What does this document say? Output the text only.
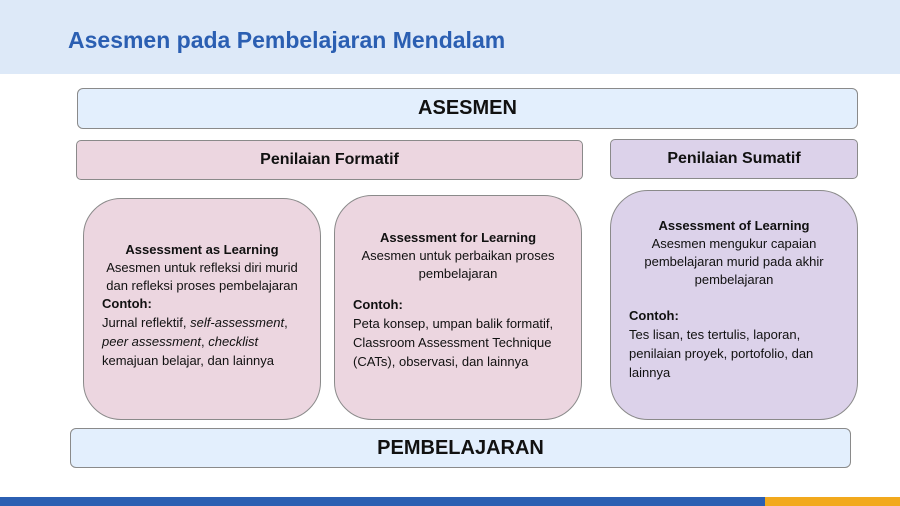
Asesmen pada Pembelajaran Mendalam
ASESMEN
Penilaian Formatif	Penilaian Sumatif
Assessment as Learning
Asesmen untuk refleksi diri murid dan refleksi proses pembelajaran
Contoh:
Jurnal reflektif, self-assessment, peer assessment, checklist kemajuan belajar, dan lainnya
Assessment for Learning
Asesmen untuk perbaikan proses pembelajaran
Contoh:
Peta konsep, umpan balik formatif, Classroom Assessment Technique (CATs), observasi, dan lainnya
Assessment of Learning
Asesmen mengukur capaian pembelajaran murid pada akhir pembelajaran
Contoh:
Tes lisan, tes tertulis, laporan, penilaian proyek, portofolio, dan lainnya
PEMBELAJARAN
